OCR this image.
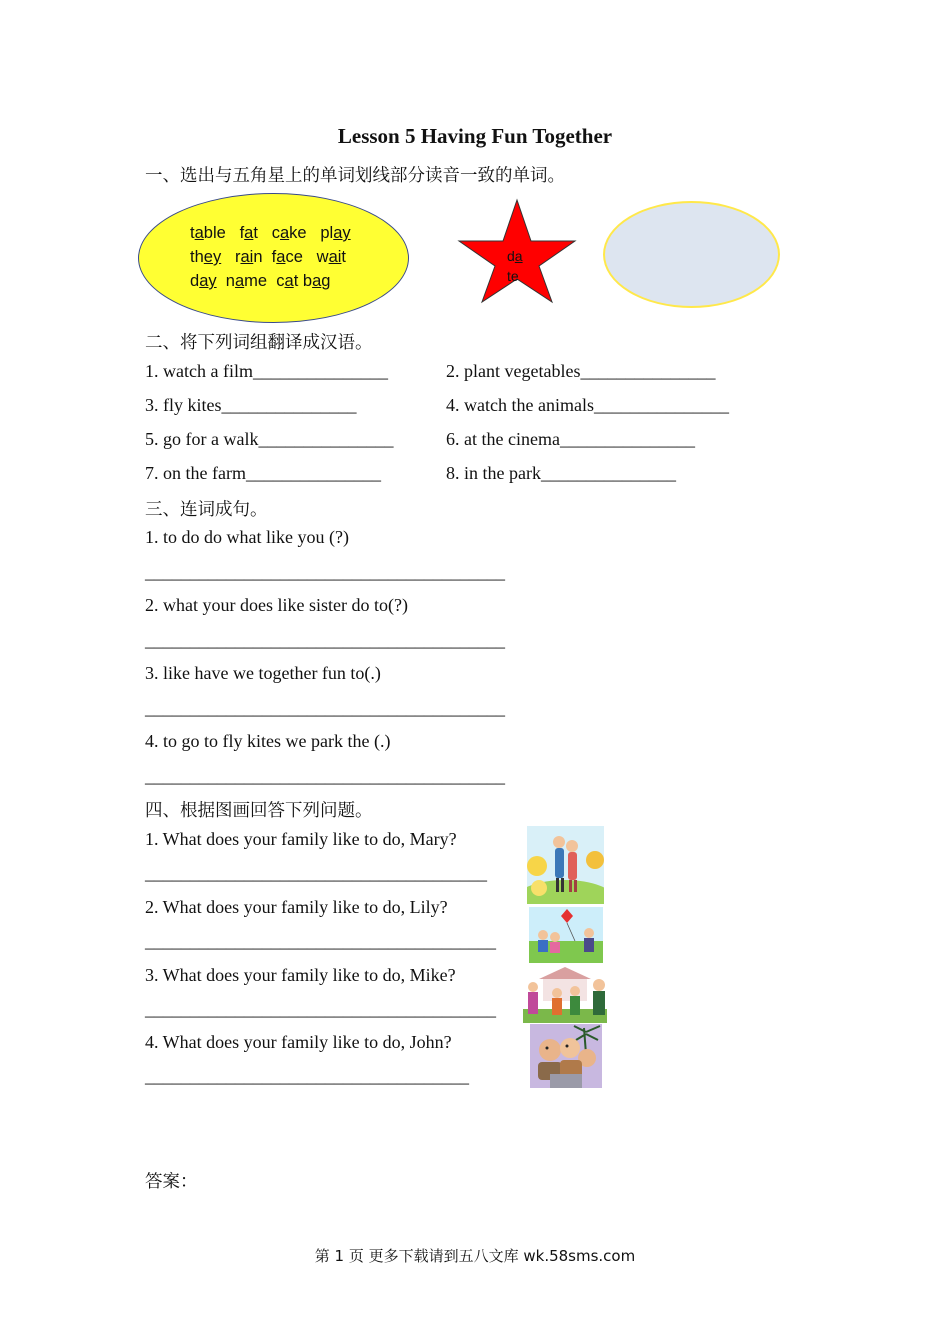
Lesson 5 Having Fun Together
一、选出与五角星上的单词划线部分读音一致的单词。
table fat cake play
they rain face wait
day name cat bag
da
te
二、将下列词组翻译成汉语。
1. watch a film_______________	2. plant vegetables_______________
3. fly kites_______________	4. watch the animals_______________
5. go for a walk_______________	6. at the cinema_______________
7. on the farm_______________	8. in the park_______________
三、连词成句。
1. to do do what like you (?)
________________________________________
2. what your does like sister do to(?)
________________________________________
3. like have we together fun to(.)
________________________________________
4. to go to fly kites we park the (.)
________________________________________
四、根据图画回答下列问题。
1. What does your family like to do, Mary?
______________________________________
2. What does your family like to do, Lily?
_______________________________________
3. What does your family like to do, Mike?
_______________________________________
4. What does your family like to do, John?
____________________________________
答案：
第 1 页 更多下载请到五八文库 wk.58sms.com
